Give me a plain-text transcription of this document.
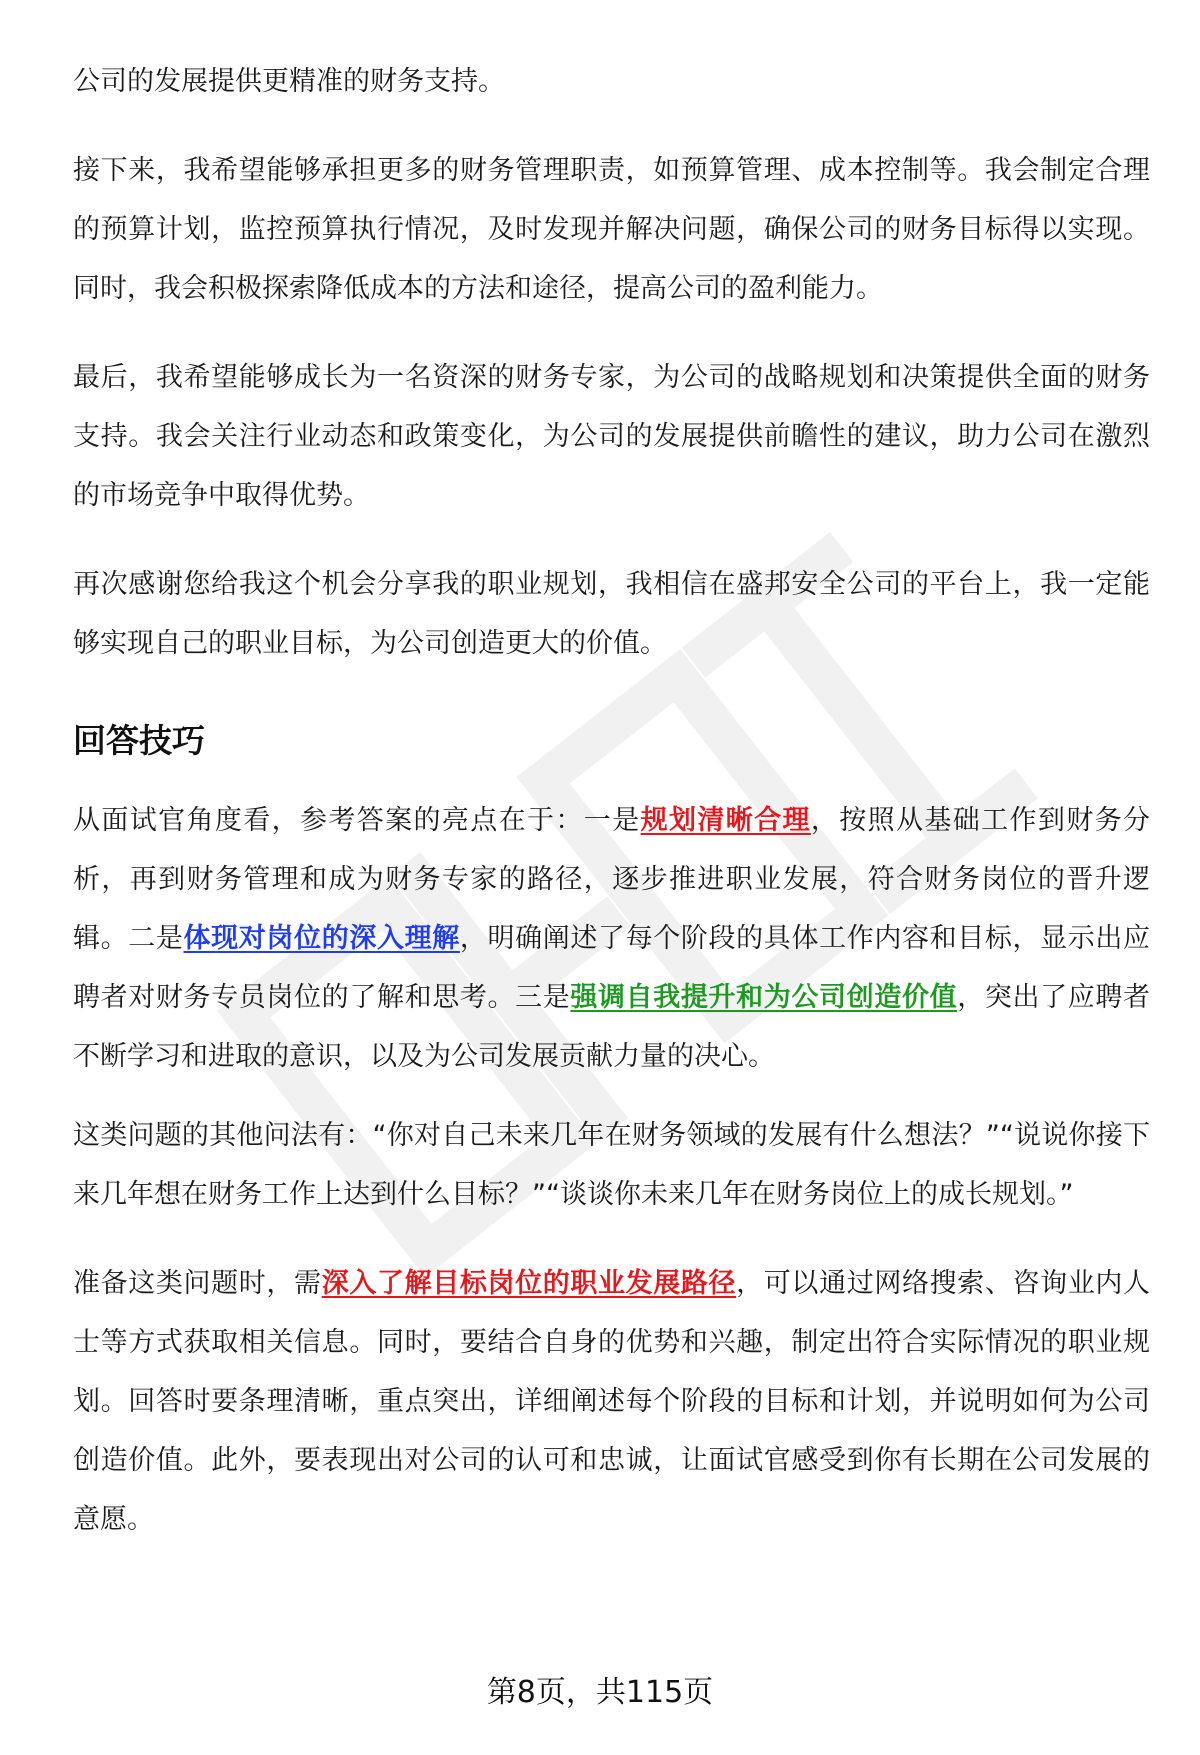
公司的发展提供更精准的财务支持。

接下来，我希望能够承担更多的财务管理职责，如预算管理、成本控制等。我会制定合理的预算计划，监控预算执行情况，及时发现并解决问题，确保公司的财务目标得以实现。同时，我会积极探索降低成本的方法和途径，提高公司的盈利能力。

最后，我希望能够成长为一名资深的财务专家，为公司的战略规划和决策提供全面的财务支持。我会关注行业动态和政策变化，为公司的发展提供前瞻性的建议，助力公司在激烈的市场竞争中取得优势。

再次感谢您给我这个机会分享我的职业规划，我相信在盛邦安全公司的平台上，我一定能够实现自己的职业目标，为公司创造更大的价值。

回答技巧

从面试官角度看，参考答案的亮点在于：一是规划清晰合理，按照从基础工作到财务分析，再到财务管理和成为财务专家的路径，逐步推进职业发展，符合财务岗位的晋升逻辑。二是体现对岗位的深入理解，明确阐述了每个阶段的具体工作内容和目标，显示出应聘者对财务专员岗位的了解和思考。三是强调自我提升和为公司创造价值，突出了应聘者不断学习和进取的意识，以及为公司发展贡献力量的决心。

这类问题的其他问法有：“你对自己未来几年在财务领域的发展有什么想法？”“说说你接下来几年想在财务工作上达到什么目标？”“谈谈你未来几年在财务岗位上的成长规划。”

准备这类问题时，需深入了解目标岗位的职业发展路径，可以通过网络搜索、咨询业内人士等方式获取相关信息。同时，要结合自身的优势和兴趣，制定出符合实际情况的职业规划。回答时要条理清晰，重点突出，详细阐述每个阶段的目标和计划，并说明如何为公司创造价值。此外，要表现出对公司的认可和忠诚，让面试官感受到你有长期在公司发展的意愿。

第8页，共115页
